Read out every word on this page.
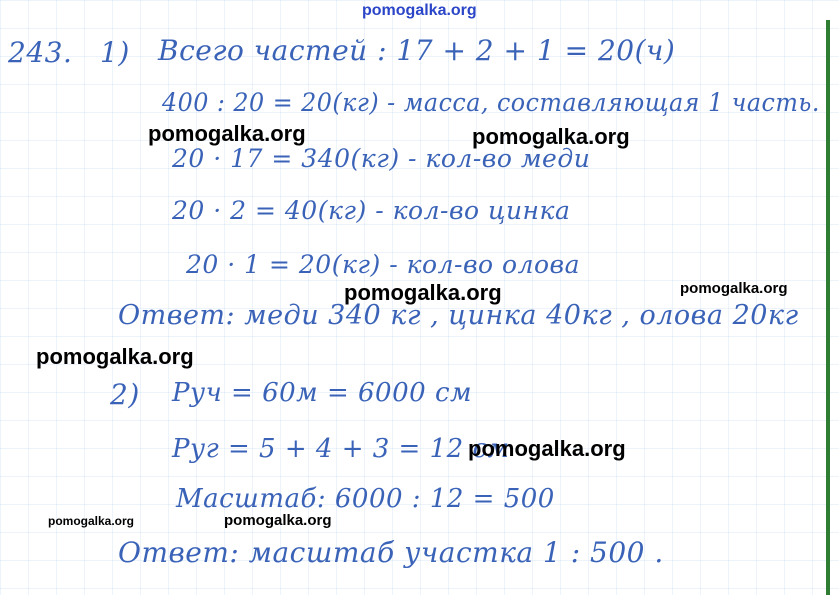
pomogalka.org
243. 1) Всего частей : 17 + 2 + 1 = 20(ч)
400 : 20 = 20(кг) - масса, составляющая 1 часть.
20 · 17 = 340(кг) - кол-во меди
20 · 2 = 40(кг) - кол-во цинка
20 · 1 = 20(кг) - кол-во олова
Ответ: меди 340 кг , цинка 40кг , олова 20кг
2) Pуч = 60м = 6000 см
Pуг = 5 + 4 + 3 = 12 см
Масштаб: 6000 : 12 = 500
Ответ: масштаб участка 1 : 500 .
pomogalka.org	pomogalka.org
pomogalka.org	pomogalka.org
pomogalka.org
pomogalka.org
pomogalka.org	pomogalka.org
